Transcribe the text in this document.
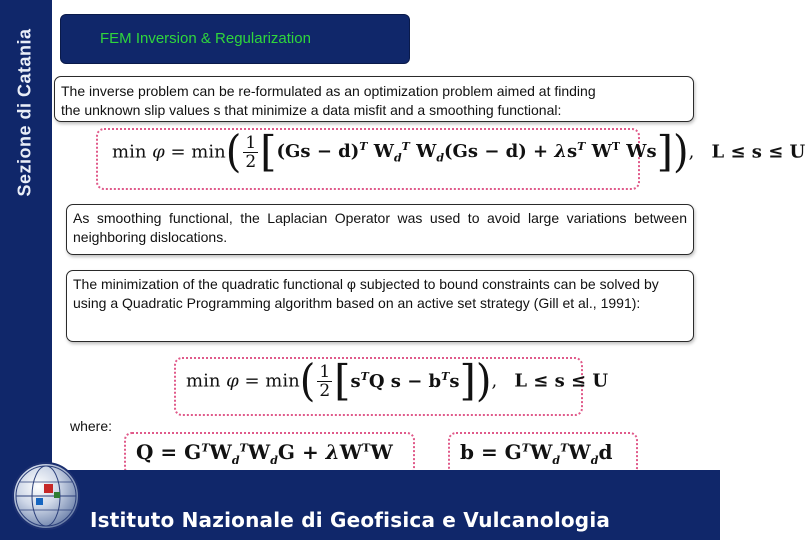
Sezione di Catania	FEM Inversion & Regularization
The inverse problem can be re-formulated as an optimization problem aimed at finding
the unknown slip values s that minimize a data misfit and a smoothing functional:
$\min \varphi = \min( \frac{1}{2} [(Gs - d)^T$ $W_d^T$ $W_d(Gs - d) + \lambda s^T$ $W^T$ Ws]),   L ≤ s ≤ U
As smoothing functional, the Laplacian Operator was used to avoid large variations between neighboring dislocations.
The minimization of the quadratic functional φ subjected to bound constraints can be solved by using a Quadratic Programming algorithm based on an active set strategy (Gill et al., 1991):
$\min \varphi = \min( \frac{1}{2} [s^TQ$ $s - b^Ts$]),   L ≤ s ≤ U
where:
$Q = G^TW_d^TW_dG + \lambda W^TW$	$b = G^TW_d^TW_dd$
Istituto Nazionale di Geofisica e Vulcanologia
